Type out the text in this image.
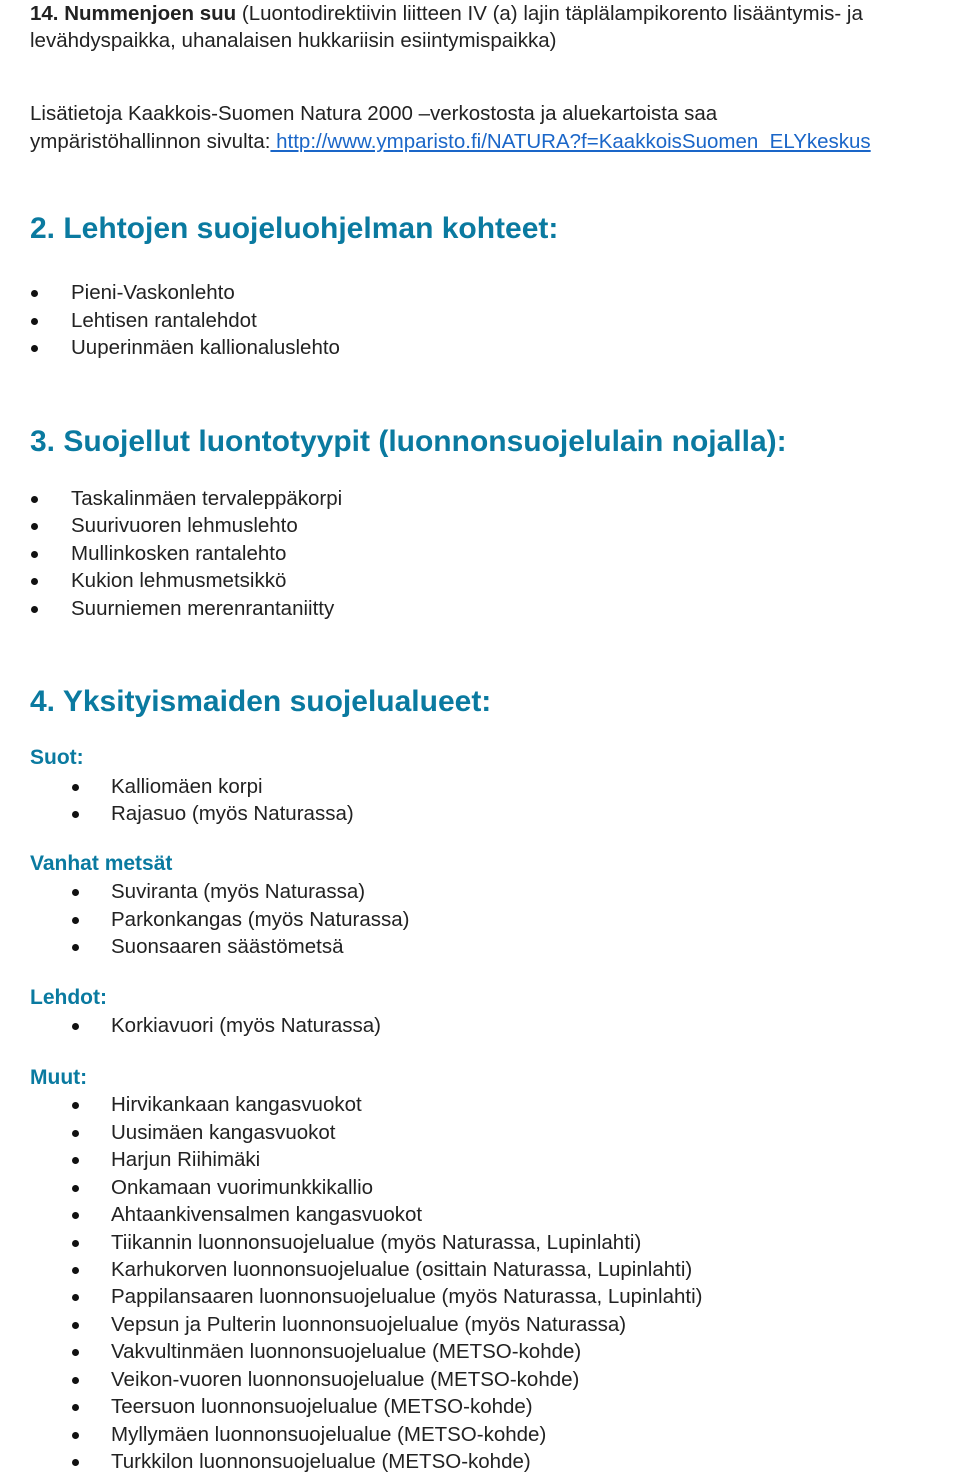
14. Nummenjoen suu (Luontodirektiivin liitteen IV (a) lajin täplälampikorento lisääntymis- ja
levähdyspaikka, uhanalaisen hukkariisin esiintymispaikka)
Lisätietoja Kaakkois-Suomen Natura 2000 –verkostosta ja aluekartoista saa
ympäristöhallinnon sivulta: http://www.ymparisto.fi/NATURA?f=KaakkoisSuomen_ELYkeskus
2. Lehtojen suojeluohjelman kohteet:
Pieni-Vaskonlehto
Lehtisen rantalehdot
Uuperinmäen kallionaluslehto
3. Suojellut luontotyypit (luonnonsuojelulain nojalla):
Taskalinmäen tervaleppäkorpi
Suurivuoren lehmuslehto
Mullinkosken rantalehto
Kukion lehmusmetsikkö
Suurniemen merenrantaniitty
4. Yksityismaiden suojelualueet:
Suot:
Kalliomäen korpi
Rajasuo (myös Naturassa)
Vanhat metsät
Suviranta (myös Naturassa)
Parkonkangas (myös Naturassa)
Suonsaaren säästömetsä
Lehdot:
Korkiavuori (myös Naturassa)
Muut:
Hirvikankaan kangasvuokot
Uusimäen kangasvuokot
Harjun Riihimäki
Onkamaan vuorimunkkikallio
Ahtaankivensalmen kangasvuokot
Tiikannin luonnonsuojelualue (myös Naturassa, Lupinlahti)
Karhukorven luonnonsuojelualue (osittain Naturassa, Lupinlahti)
Pappilansaaren luonnonsuojelualue (myös Naturassa, Lupinlahti)
Vepsun ja Pulterin luonnonsuojelualue (myös Naturassa)
Vakvultinmäen luonnonsuojelualue (METSO-kohde)
Veikon-vuoren luonnonsuojelualue (METSO-kohde)
Teersuon luonnonsuojelualue (METSO-kohde)
Myllymäen luonnonsuojelualue (METSO-kohde)
Turkkilon luonnonsuojelualue (METSO-kohde)
